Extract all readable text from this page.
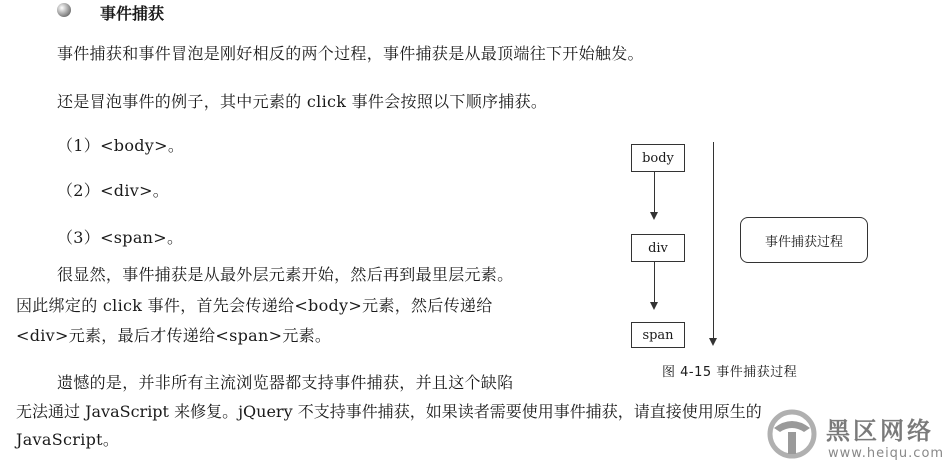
事件捕获
事件捕获和事件冒泡是刚好相反的两个过程，事件捕获是从最顶端往下开始触发。
还是冒泡事件的例子，其中元素的 click 事件会按照以下顺序捕获。
（1）<body>。
（2）<div>。
（3）<span>。
很显然，事件捕获是从最外层元素开始，然后再到最里层元素。
因此绑定的 click 事件，首先会传递给<body>元素，然后传递给
<div>元素，最后才传递给<span>元素。
遗憾的是，并非所有主流浏览器都支持事件捕获，并且这个缺陷
无法通过 JavaScript 来修复。jQuery 不支持事件捕获，如果读者需要使用事件捕获，请直接使用原生的
JavaScript。
body
div
span
事件捕获过程
图 4-15 事件捕获过程
黑区网络
www.heiqu.com
